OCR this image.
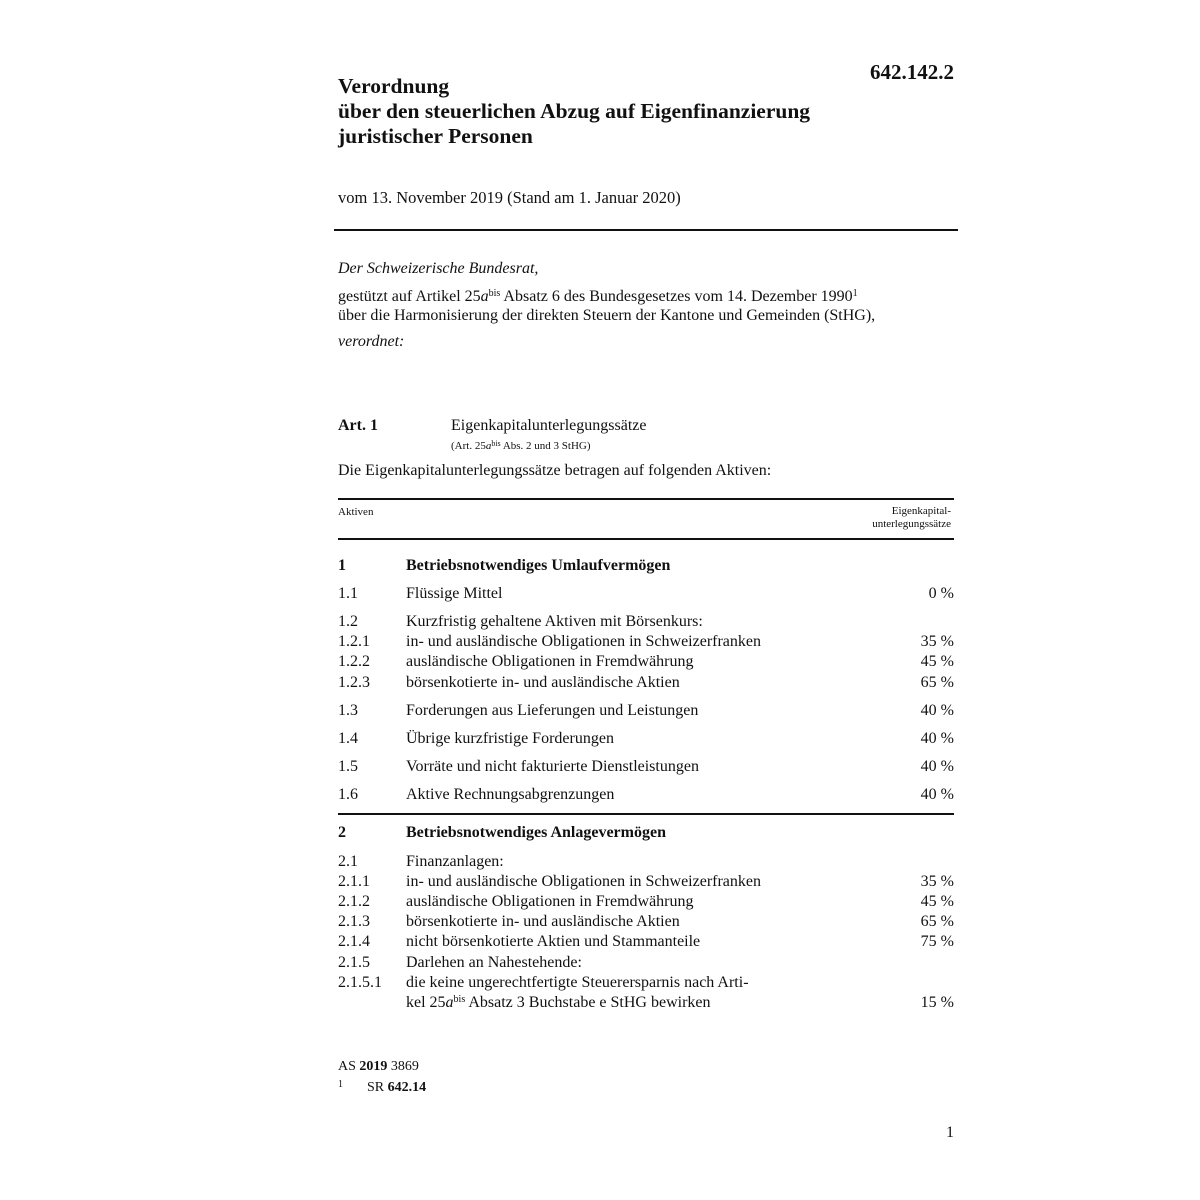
642.142.2
Verordnung
über den steuerlichen Abzug auf Eigenfinanzierung
juristischer Personen
vom 13. November 2019 (Stand am 1. Januar 2020)
Der Schweizerische Bundesrat,
gestützt auf Artikel $25a^{bis}$ Absatz 6 des Bundesgesetzes vom 14. Dezember 1990$^1$
über die Harmonisierung der direkten Steuern der Kantone und Gemeinden (StHG),
verordnet:
Art. 1	Eigenkapitalunterlegungssätze
(Art. $25a^{bis}$ Abs. 2 und 3 StHG)
Die Eigenkapitalunterlegungssätze betragen auf folgenden Aktiven:
Aktiven	Eigenkapital-
unterlegungssätze
1	Betriebsnotwendiges Umlaufvermögen
1.1	Flüssige Mittel	0 %
1.2	Kurzfristig gehaltene Aktiven mit Börsenkurs:
1.2.1 in- und ausländische Obligationen in Schweizerfranken	35 %
1.2.2 ausländische Obligationen in Fremdwährung	45 %
1.2.3 börsenkotierte in- und ausländische Aktien	65 %
1.3	Forderungen aus Lieferungen und Leistungen	40 %
1.4	Übrige kurzfristige Forderungen	40 %
1.5	Vorräte und nicht fakturierte Dienstleistungen	40 %
1.6	Aktive Rechnungsabgrenzungen	40 %
2	Betriebsnotwendiges Anlagevermögen
2.1	Finanzanlagen:
2.1.1 in- und ausländische Obligationen in Schweizerfranken	35 %
2.1.2 ausländische Obligationen in Fremdwährung	45 %
2.1.3 börsenkotierte in- und ausländische Aktien	65 %
2.1.4 nicht börsenkotierte Aktien und Stammanteile	75 %
2.1.5 Darlehen an Nahestehende:
2.1.5.1 die keine ungerechtfertigte Steuerersparnis nach Arti-
kel $25a^{bis}$ Absatz 3 Buchstabe e StHG bewirken	15 %
AS 2019 3869
$^1$ SR 642.14
1
